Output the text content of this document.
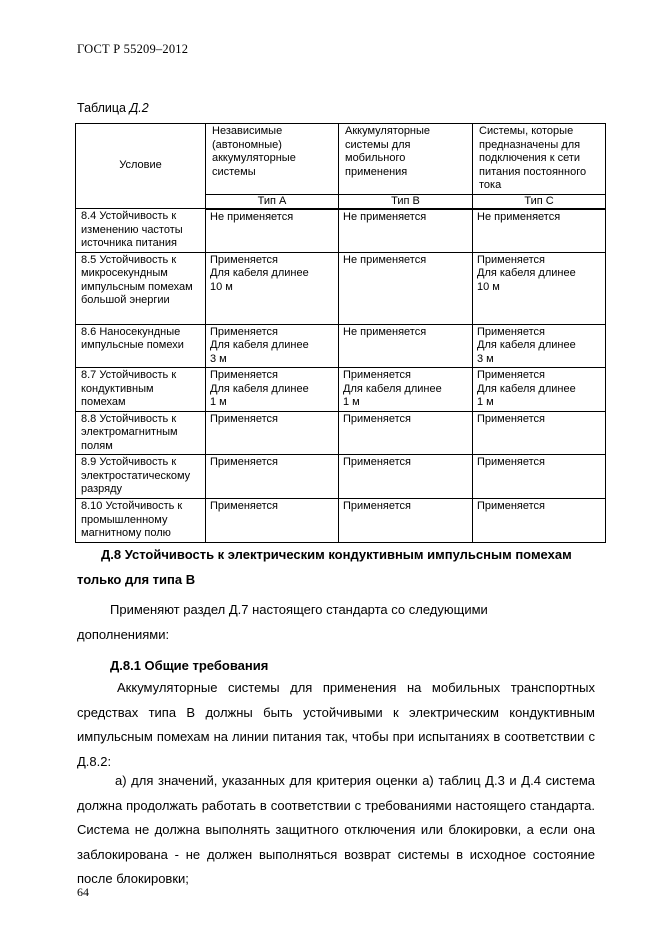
ГОСТ Р 55209–2012
Таблица Д.2
Условие	Независимые (автономные) аккумуляторные системы	Аккумуляторные системы для мобильного применения	Системы, которые предназначены для подключения к сети питания постоянного тока
	Тип А	Тип В	Тип С
8.4 Устойчивость к изменению частоты источника питания	Не применяется	Не применяется	Не применяется

8.5 Устойчивость к микросекундным импульсным помехам большой энергии	Применяется
Для кабеля длинее
10 м	Не применяется	Применяется
Для кабеля длинее
10 м

8.6 Наносекундные импульсные помехи	Применяется
Для кабеля длинее
3 м	Не применяется	Применяется
Для кабеля длинее
3 м

8.7 Устойчивость к кондуктивным помехам	Применяется
Для кабеля длинее
1 м	Применяется
Для кабеля длинее
1 м	Применяется
Для кабеля длинее
1 м

8.8 Устойчивость к электромагнитным полям	Применяется	Применяется	Применяется

8.9 Устойчивость к электростатическому разряду	Применяется	Применяется	Применяется

8.10 Устойчивость к промышленному магнитному полю	Применяется	Применяется	Применяется
Д.8 Устойчивость к электрическим кондуктивным импульсным помехам
только для типа В
Применяют раздел Д.7 настоящего стандарта со следующими
дополнениями:
Д.8.1 Общие требования
Аккумуляторные системы для применения на мобильных транспортных средствах типа В должны быть устойчивыми к электрическим кондуктивным импульсным помехам на линии питания так, чтобы при испытаниях в соответствии с Д.8.2:
а) для значений, указанных для критерия оценки а) таблиц Д.3 и Д.4 система должна продолжать работать в соответствии с требованиями настоящего стандарта. Система не должна выполнять защитного отключения или блокировки, а если она заблокирована - не должен выполняться возврат системы в исходное состояние после блокировки;
64
